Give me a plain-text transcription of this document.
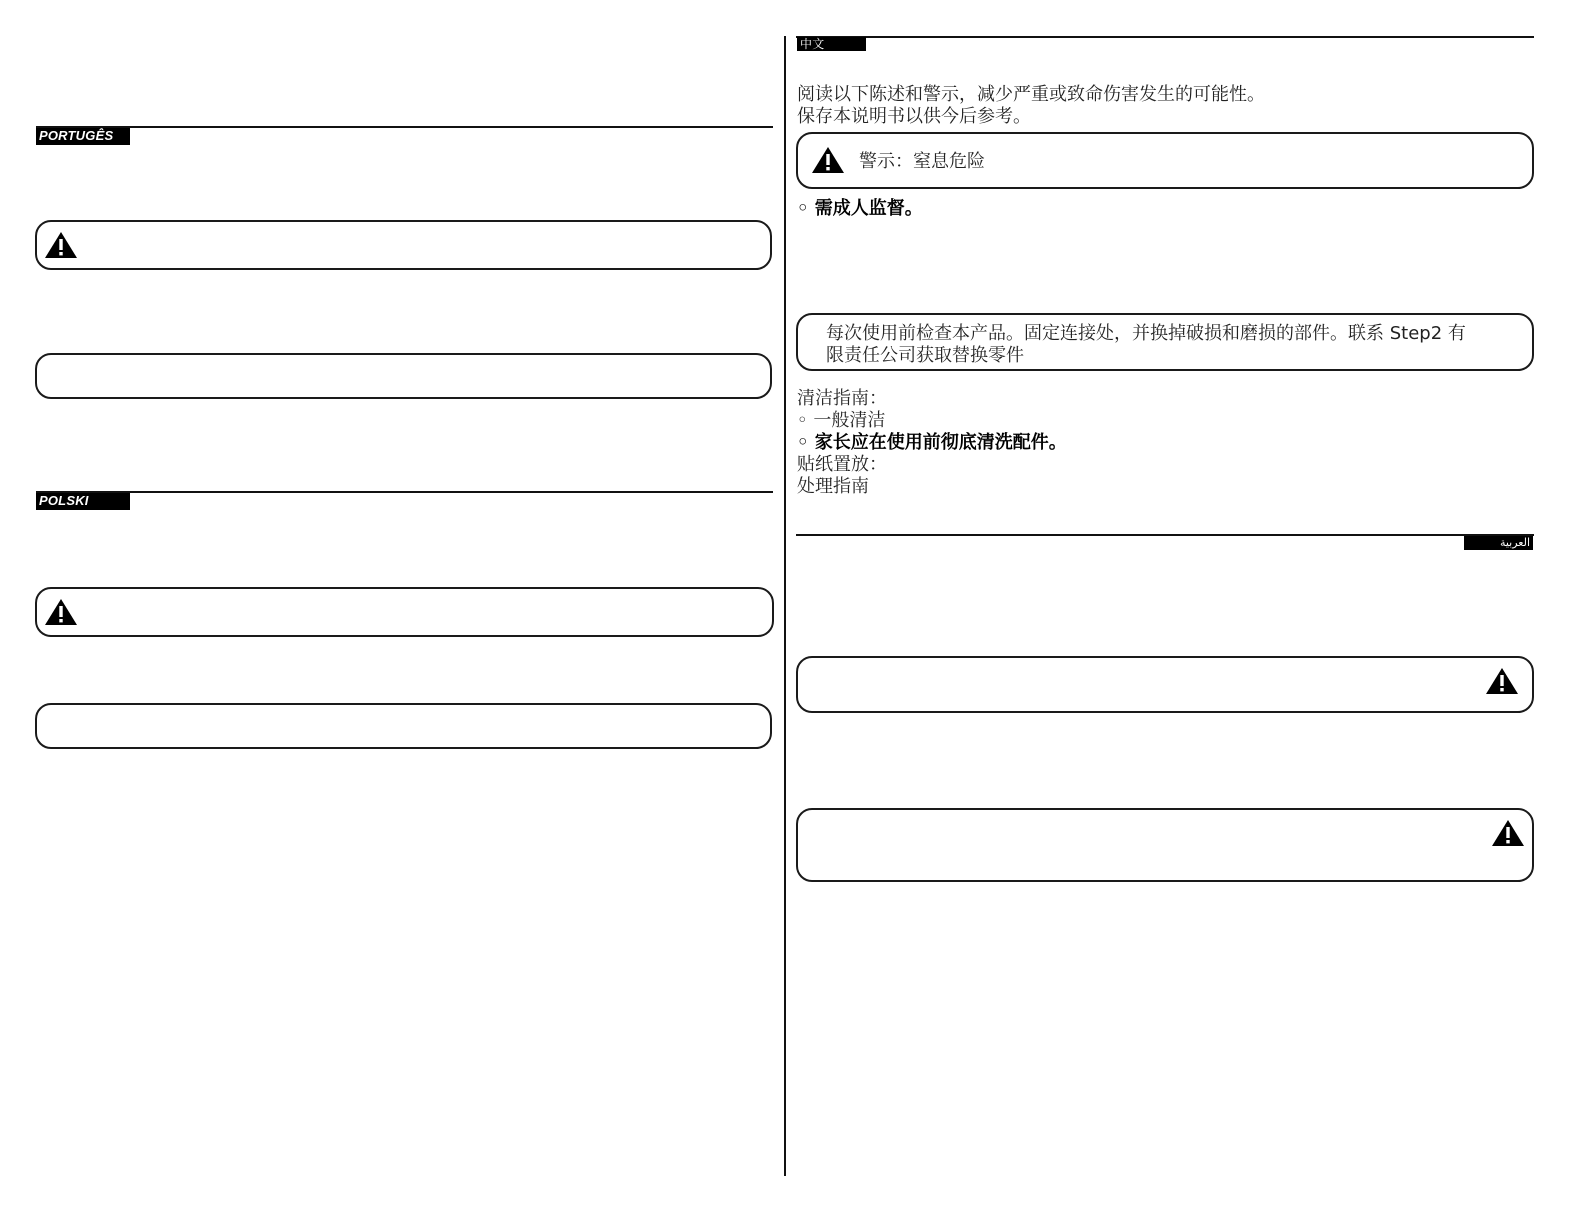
PORTUGÊS
POLSKI
中文
阅读以下陈述和警示，减少严重或致命伤害发生的可能性。
保存本说明书以供今后参考。
警示：窒息危险
◦ 需成人监督。
每次使用前检查本产品。固定连接处，并换掉破损和磨损的部件。联系 Step2 有
限责任公司获取替换零件
清洁指南：
◦ 一般清洁
◦ 家长应在使用前彻底清洗配件。
贴纸置放：
处理指南
العربية
